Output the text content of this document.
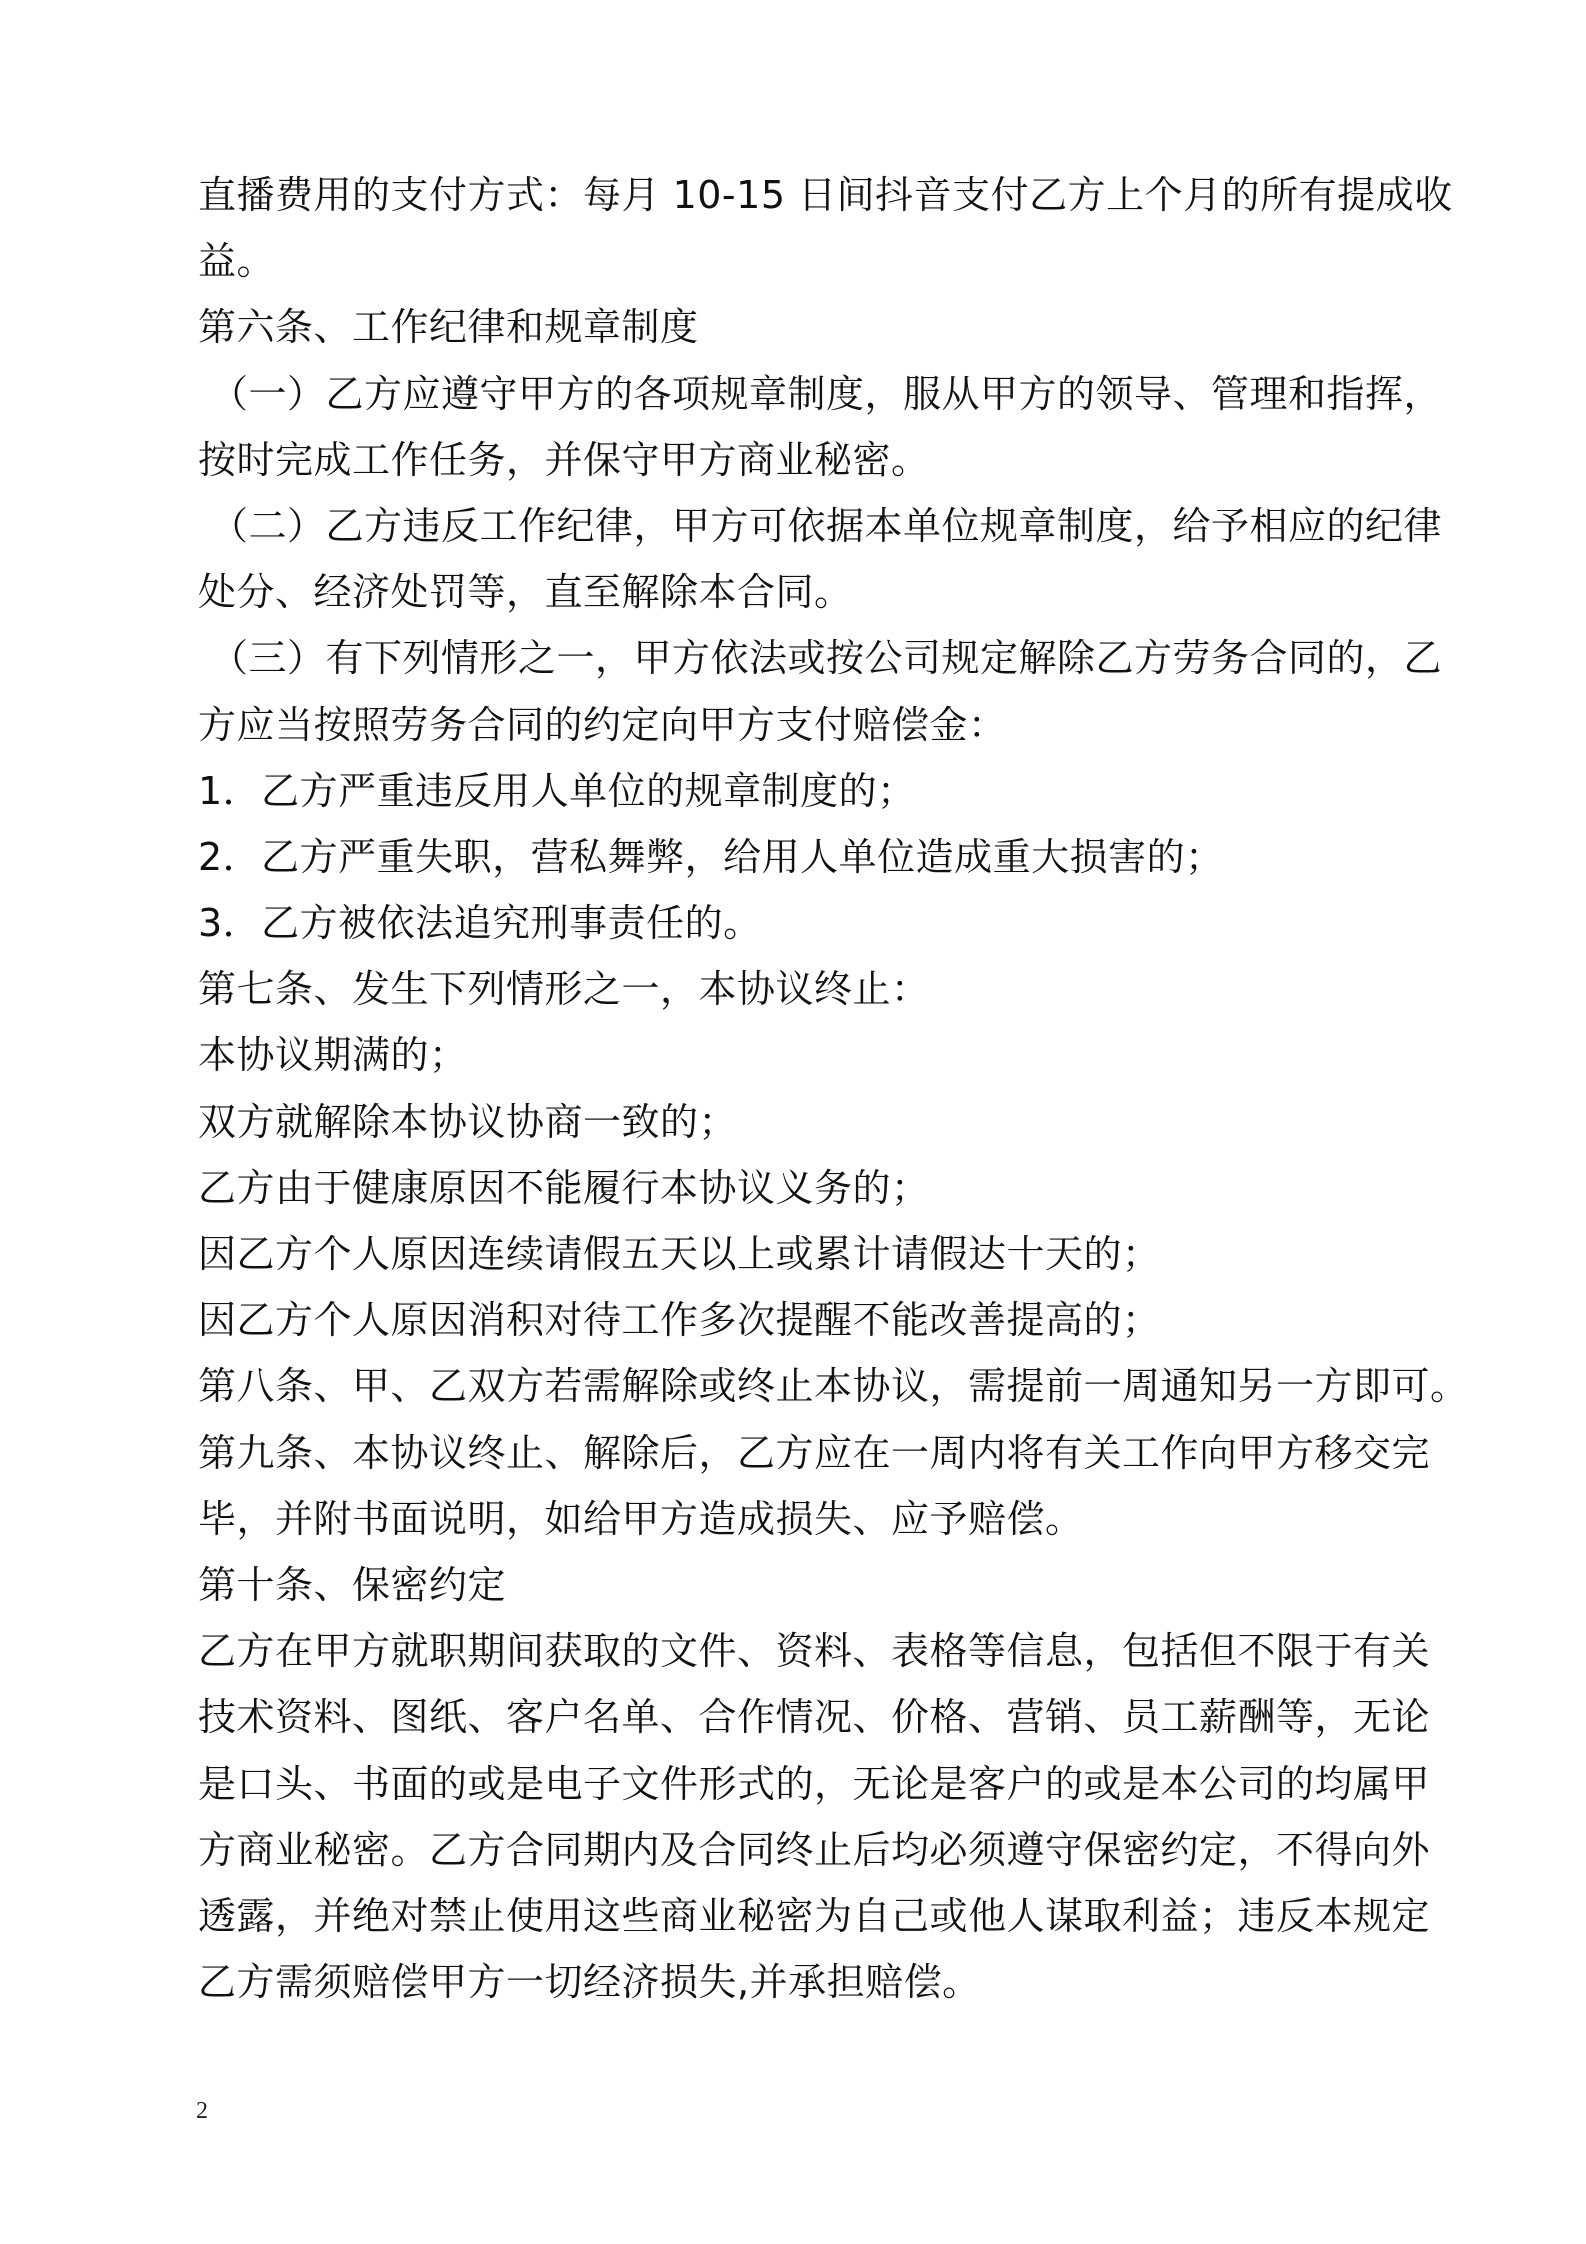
直播费用的支付方式：每月 10-15 日间抖音支付乙方上个月的所有提成收
益。
第六条、工作纪律和规章制度
（一）乙方应遵守甲方的各项规章制度，服从甲方的领导、管理和指挥，
按时完成工作任务，并保守甲方商业秘密。
（二）乙方违反工作纪律，甲方可依据本单位规章制度，给予相应的纪律
处分、经济处罚等，直至解除本合同。
（三）有下列情形之一，甲方依法或按公司规定解除乙方劳务合同的，乙
方应当按照劳务合同的约定向甲方支付赔偿金：
1．乙方严重违反用人单位的规章制度的；
2．乙方严重失职，营私舞弊，给用人单位造成重大损害的；
3．乙方被依法追究刑事责任的。
第七条、发生下列情形之一，本协议终止：
本协议期满的；
双方就解除本协议协商一致的；
乙方由于健康原因不能履行本协议义务的；
因乙方个人原因连续请假五天以上或累计请假达十天的；
因乙方个人原因消积对待工作多次提醒不能改善提高的；
第八条、甲、乙双方若需解除或终止本协议，需提前一周通知另一方即可。
第九条、本协议终止、解除后，乙方应在一周内将有关工作向甲方移交完
毕，并附书面说明，如给甲方造成损失、应予赔偿。
第十条、保密约定
乙方在甲方就职期间获取的文件、资料、表格等信息，包括但不限于有关
技术资料、图纸、客户名单、合作情况、价格、营销、员工薪酬等，无论
是口头、书面的或是电子文件形式的，无论是客户的或是本公司的均属甲
方商业秘密。乙方合同期内及合同终止后均必须遵守保密约定，不得向外
透露，并绝对禁止使用这些商业秘密为自己或他人谋取利益；违反本规定
乙方需须赔偿甲方一切经济损失,并承担赔偿。
2
